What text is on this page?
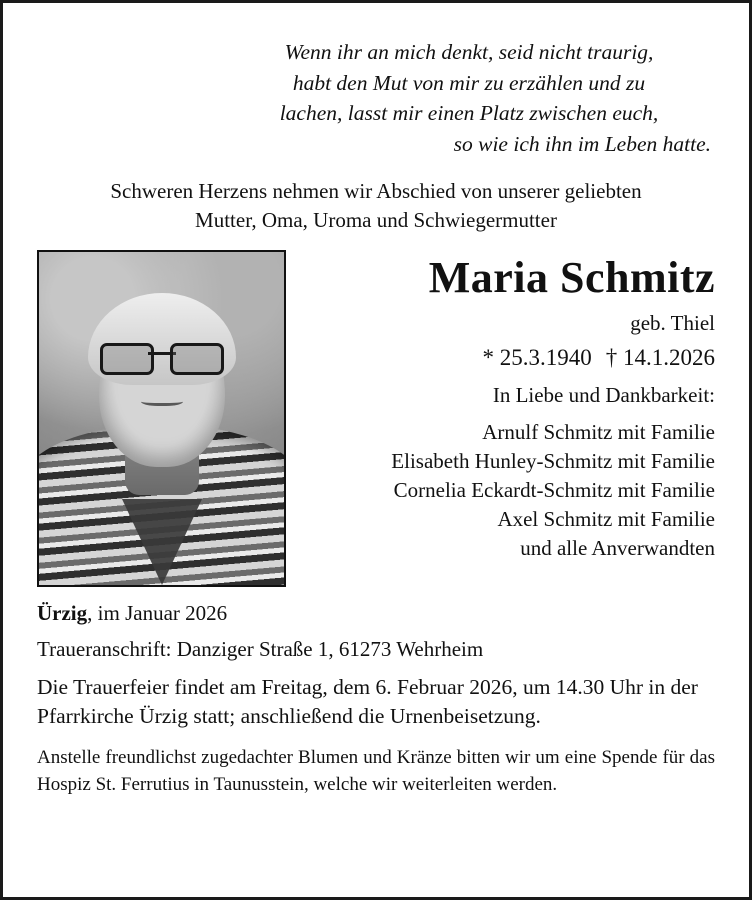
Wenn ihr an mich denkt, seid nicht traurig,
habt den Mut von mir zu erzählen und zu
lachen, lasst mir einen Platz zwischen euch,
so wie ich ihn im Leben hatte.
Schweren Herzens nehmen wir Abschied von unserer geliebten
Mutter, Oma, Uroma und Schwiegermutter
Maria Schmitz
geb. Thiel
* 25.3.1940 † 14.1.2026
In Liebe und Dankbarkeit:
Arnulf Schmitz mit Familie
Elisabeth Hunley-Schmitz mit Familie
Cornelia Eckardt-Schmitz mit Familie
Axel Schmitz mit Familie
und alle Anverwandten
Ürzig, im Januar 2026
Traueranschrift: Danziger Straße 1, 61273 Wehrheim
Die Trauerfeier findet am Freitag, dem 6. Februar 2026, um 14.30 Uhr in der Pfarrkirche Ürzig statt; anschließend die Urnenbeisetzung.
Anstelle freundlichst zugedachter Blumen und Kränze bitten wir um eine Spende für das Hospiz St. Ferrutius in Taunusstein, welche wir weiterleiten werden.
